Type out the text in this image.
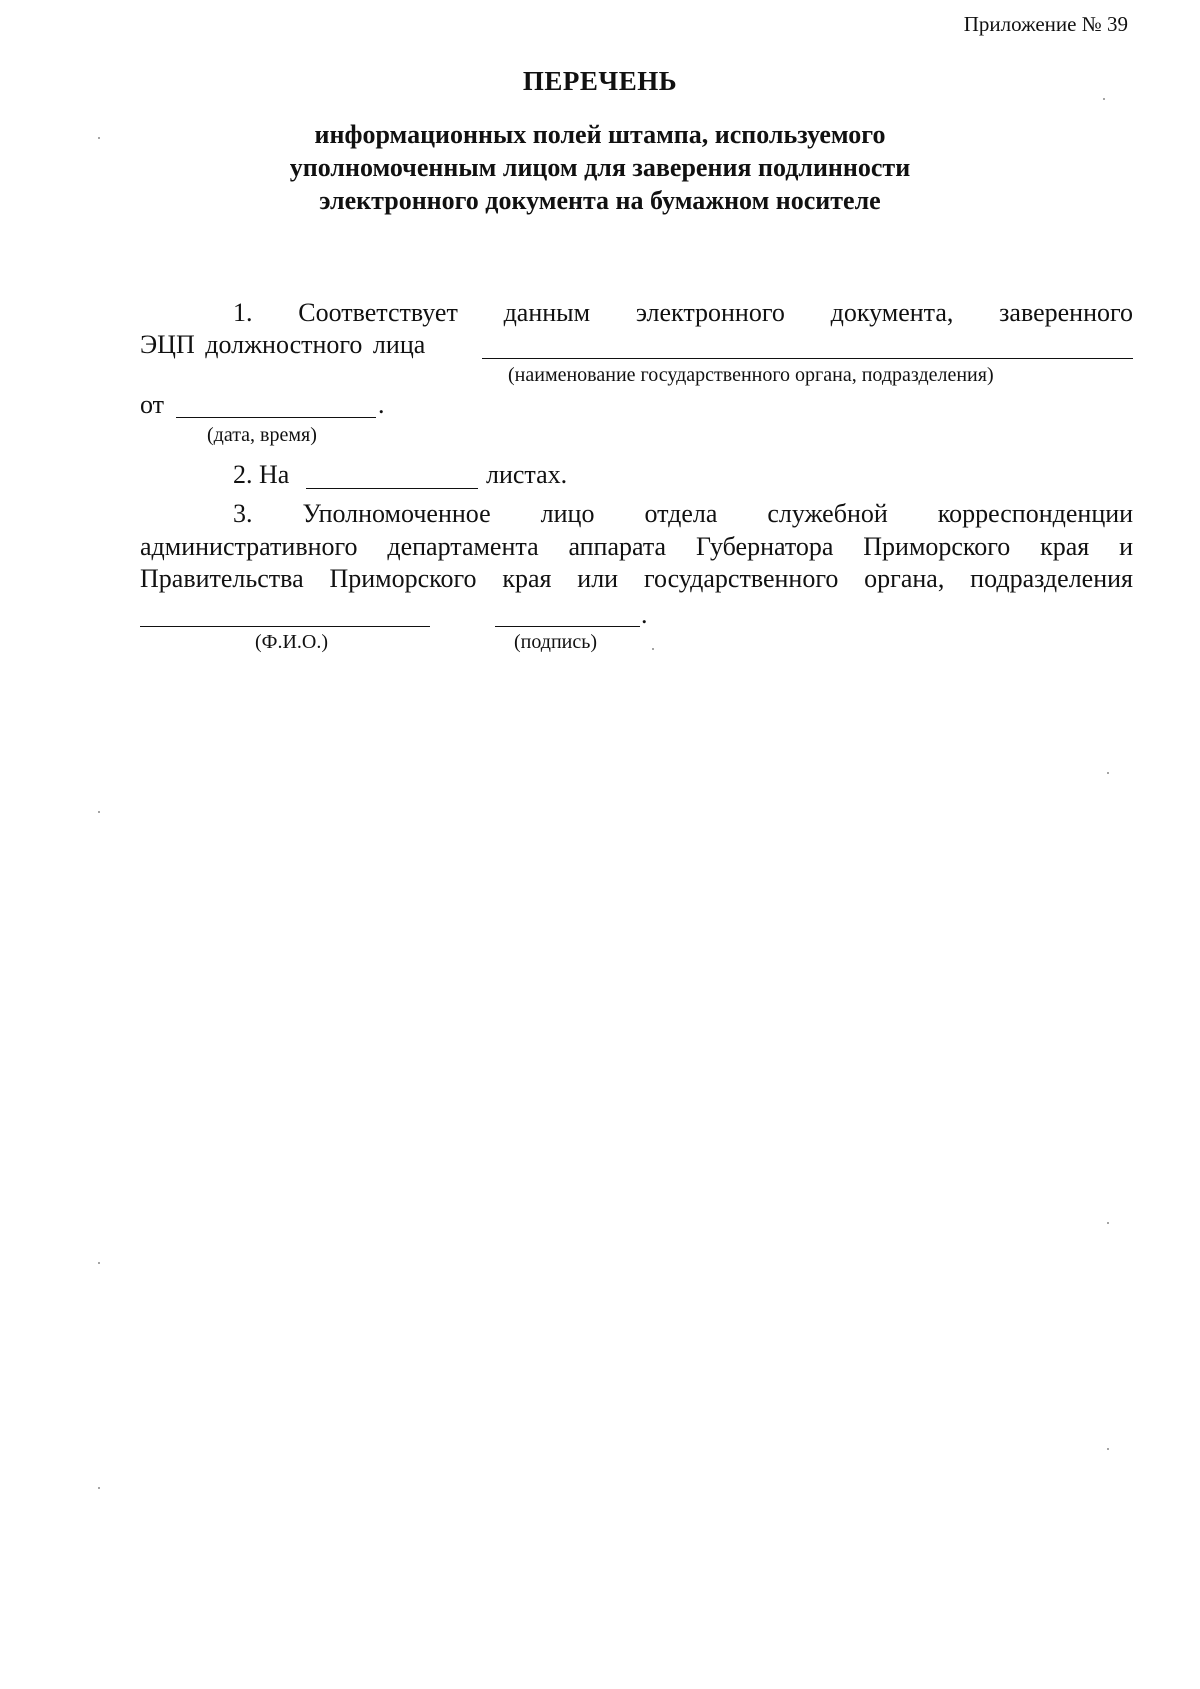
Приложение № 39
ПЕРЕЧЕНЬ
информационных полей штампа, используемого
уполномоченным лицом для заверения подлинности
электронного документа на бумажном носителе
1. Соответствует данным электронного документа, заверенного
ЭЦП должностного лица
(наименование государственного органа, подразделения)
от	.
(дата, время)
2. На	листах.
3. Уполномоченное лицо отдела служебной корреспонденции
административного департамента аппарата Губернатора Приморского края и
Правительства Приморского края или государственного органа, подразделения
.
(Ф.И.О.)	(подпись)
